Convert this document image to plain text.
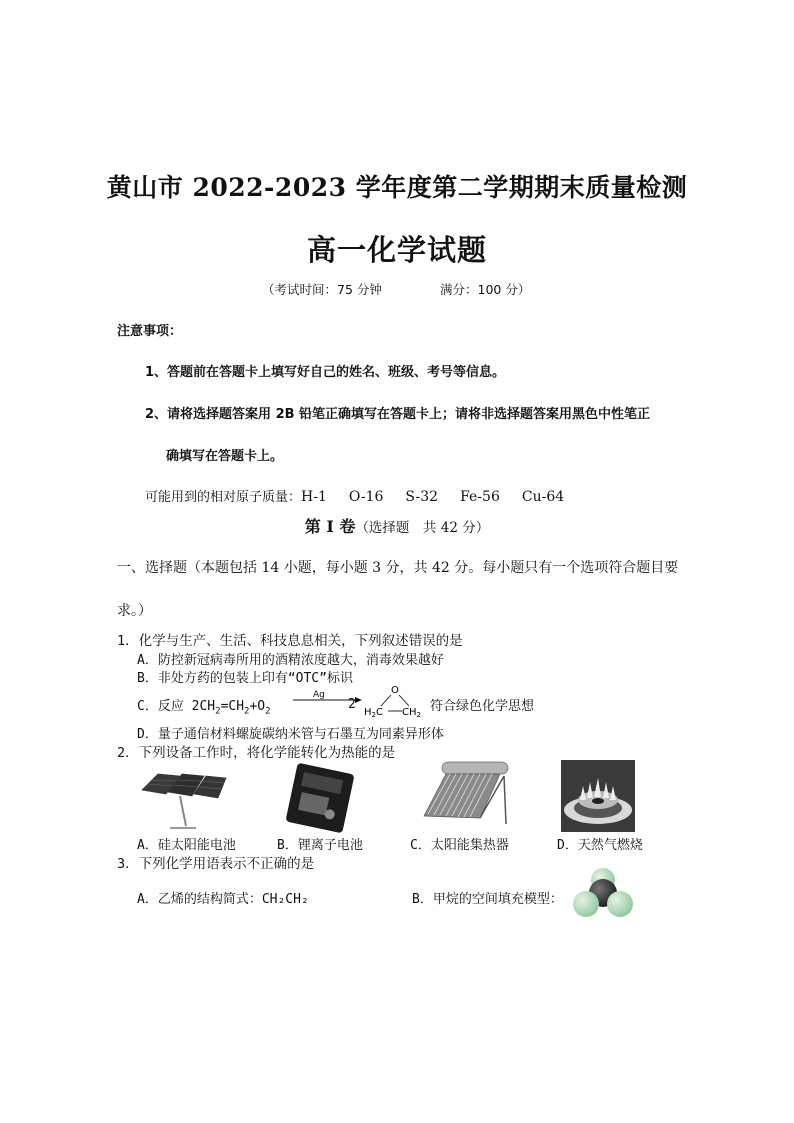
黄山市 2022-2023 学年度第二学期期末质量检测
高一化学试题
（考试时间：75 分钟	满分：100 分）
注意事项：
1、答题前在答题卡上填写好自己的姓名、班级、考号等信息。
2、请将选择题答案用 2B 铅笔正确填写在答题卡上；请将非选择题答案用黑色中性笔正
确填写在答题卡上。
可能用到的相对原子质量：H-1 O-16 S-32 Fe-56 Cu-64
第 I 卷（选择题　共 42 分）
一、选择题（本题包括 14 小题，每小题 3 分，共 42 分。每小题只有一个选项符合题目要
求。）
1．化学与生产、生活、科技息息相关，下列叙述错误的是
A．防控新冠病毒所用的酒精浓度越大，消毒效果越好
B．非处方药的包装上印有“OTC”标识
C．反应 $2CH_2=CH_2+O_2$
Ag
2
O
$H_2C$ $CH_2$
符合绿色化学思想
D．量子通信材料螺旋碳纳米管与石墨互为同素异形体
2．下列设备工作时，将化学能转化为热能的是
A．硅太阳能电池	B．锂离子电池	C．太阳能集热器	D．天然气燃烧
3．下列化学用语表示不正确的是
A．乙烯的结构简式：CH₂CH₂	B．甲烷的空间填充模型：
